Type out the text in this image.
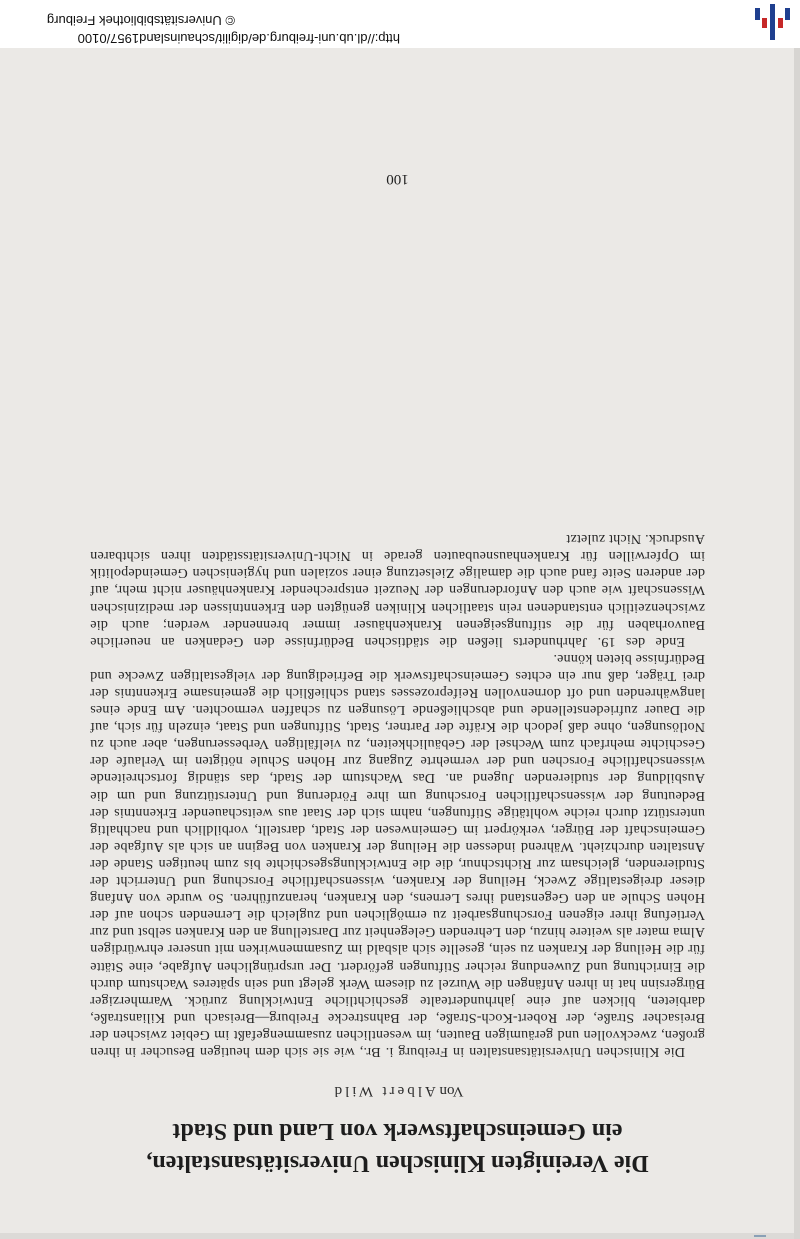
Die Vereinigten Klinischen Universitätsanstalten,
ein Gemeinschaftswerk von Land und Stadt
Von Albert Wild

Die Klinischen Universitätsanstalten in Freiburg i. Br., wie sie sich dem heutigen Besucher in ihren großen, zweckvollen und geräumigen Bauten, im wesentlichen zusammengefaßt im Gebiet zwischen der Breisacher Straße, der Robert-Koch-Straße, der Bahnstrecke Freiburg—Breisach und Kilianstraße, darbieten, blicken auf eine jahrhundertealte geschichtliche Entwicklung zurück. Warmherziger Bürgersinn hat in ihren Anfängen die Wurzel zu diesem Werk gelegt und sein späteres Wachstum durch die Einrichtung und Zuwendung reicher Stiftungen gefördert. Der ursprünglichen Aufgabe, eine Stätte für die Heilung der Kranken zu sein, gesellte sich alsbald im Zusammenwirken mit unserer ehrwürdigen Alma mater als weitere hinzu, den Lehrenden Gelegenheit zur Darstellung an den Kranken selbst und zur Vertiefung ihrer eigenen Forschungsarbeit zu ermöglichen und zugleich die Lernenden schon auf der Hohen Schule an den Gegenstand ihres Lernens, den Kranken, heranzuführen. So wurde von Anfang dieser dreigestaltige Zweck, Heilung der Kranken, wissenschaftliche Forschung und Unterricht der Studierenden, gleichsam zur Richtschnur, die die Entwicklungsgeschichte bis zum heutigen Stande der Anstalten durchzieht. Während indessen die Heilung der Kranken von Beginn an sich als Aufgabe der Gemeinschaft der Bürger, verkörpert im Gemeinwesen der Stadt, darstellt, vorbildlich und nachhaltig unterstützt durch reiche wohltätige Stiftungen, nahm sich der Staat aus weitschauender Erkenntnis der Bedeutung der wissenschaftlichen Forschung um ihre Förderung und Unterstützung und um die Ausbildung der studierenden Jugend an. Das Wachstum der Stadt, das ständig fortschreitende wissenschaftliche Forschen und der vermehrte Zugang zur Hohen Schule nötigten im Verlaufe der Geschichte mehrfach zum Wechsel der Gebäulichkeiten, zu vielfältigen Verbesserungen, aber auch zu Notlösungen, ohne daß jedoch die Kräfte der Partner, Stadt, Stiftungen und Staat, einzeln für sich, auf die Dauer zufriedenstellende und abschließende Lösungen zu schaffen vermochten. Am Ende eines langwährenden und oft dornenvollen Reifeprozesses stand schließlich die gemeinsame Erkenntnis der drei Träger, daß nur ein echtes Gemeinschaftswerk die Befriedigung der vielgestaltigen Zwecke und Bedürfnisse bieten könne.

Ende des 19. Jahrhunderts ließen die städtischen Bedürfnisse den Gedanken an neuerliche Bauvorhaben für die stiftungseigenen Krankenhäuser immer brennender werden; auch die zwischenzeitlich entstandenen rein staatlichen Kliniken genügten den Erkenntnissen der medizinischen Wissenschaft wie auch den Anforderungen der Neuzeit entsprechender Krankenhäuser nicht mehr, auf der anderen Seite fand auch die damalige Zielsetzung einer sozialen und hygienischen Gemeindepolitik im Opferwillen für Krankenhausneubauten gerade in Nicht-Universitätsstädten ihren sichtbaren Ausdruck. Nicht zuletzt

100
http://dl.ub.uni-freiburg.de/digilit/schauinsland1957/0100
© Universitätsbibliothek Freiburg
